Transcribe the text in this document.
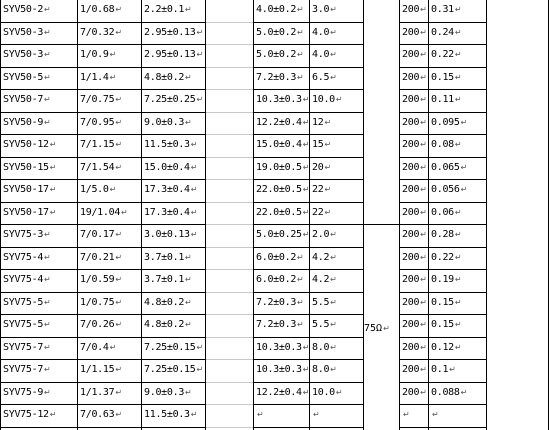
SYV50-2↵	1/0.68↵	2.2±0.1↵	4.0±0.2↵ 3.0↵	200↵ 0.31↵
SYV50-3↵	7/0.32↵	2.95±0.13↵	5.0±0.2↵ 4.0↵	200↵ 0.24↵
SYV50-3↵	1/0.9↵	2.95±0.13↵	5.0±0.2↵ 4.0↵	200↵ 0.22↵
SYV50-5↵	1/1.4↵	4.8±0.2↵	7.2±0.3↵ 6.5↵	200↵ 0.15↵
SYV50-7↵	7/0.75↵	7.25±0.25↵	10.3±0.3↵ 10.0↵	200↵ 0.11↵
SYV50-9↵	7/0.95↵	9.0±0.3↵	12.2±0.4↵ 12↵	200↵ 0.095↵
SYV50-12↵	7/1.15↵	11.5±0.3↵	15.0±0.4↵ 15↵	200↵ 0.08↵
SYV50-15↵	7/1.54↵	15.0±0.4↵	19.0±0.5↵ 20↵	200↵ 0.065↵
SYV50-17↵	1/5.0↵	17.3±0.4↵	22.0±0.5↵ 22↵	200↵ 0.056↵
SYV50-17↵	19/1.04↵	17.3±0.4↵	22.0±0.5↵ 22↵	200↵ 0.06↵
SYV75-3↵	7/0.17↵	3.0±0.13↵	5.0±0.25↵ 2.0↵	200↵ 0.28↵
SYV75-4↵	7/0.21↵	3.7±0.1↵	6.0±0.2↵ 4.2↵	200↵ 0.22↵
SYV75-4↵	1/0.59↵	3.7±0.1↵	6.0±0.2↵ 4.2↵	200↵ 0.19↵
SYV75-5↵	1/0.75↵	4.8±0.2↵	7.2±0.3↵ 5.5↵	200↵ 0.15↵
SYV75-5↵	7/0.26↵	4.8±0.2↵	7.2±0.3↵ 5.5↵	200↵ 0.15↵
SYV75-7↵	7/0.4↵	7.25±0.15↵	10.3±0.3↵ 8.0↵	200↵ 0.12↵
SYV75-7↵	1/1.15↵	7.25±0.15↵	10.3±0.3↵ 8.0↵	200↵ 0.1↵
SYV75-9↵	1/1.37↵	9.0±0.3↵	12.2±0.4↵ 10.0↵	200↵ 0.088↵
SYV75-12↵	7/0.63↵	11.5±0.3↵	↵	↵	↵	↵
75Ω↵
